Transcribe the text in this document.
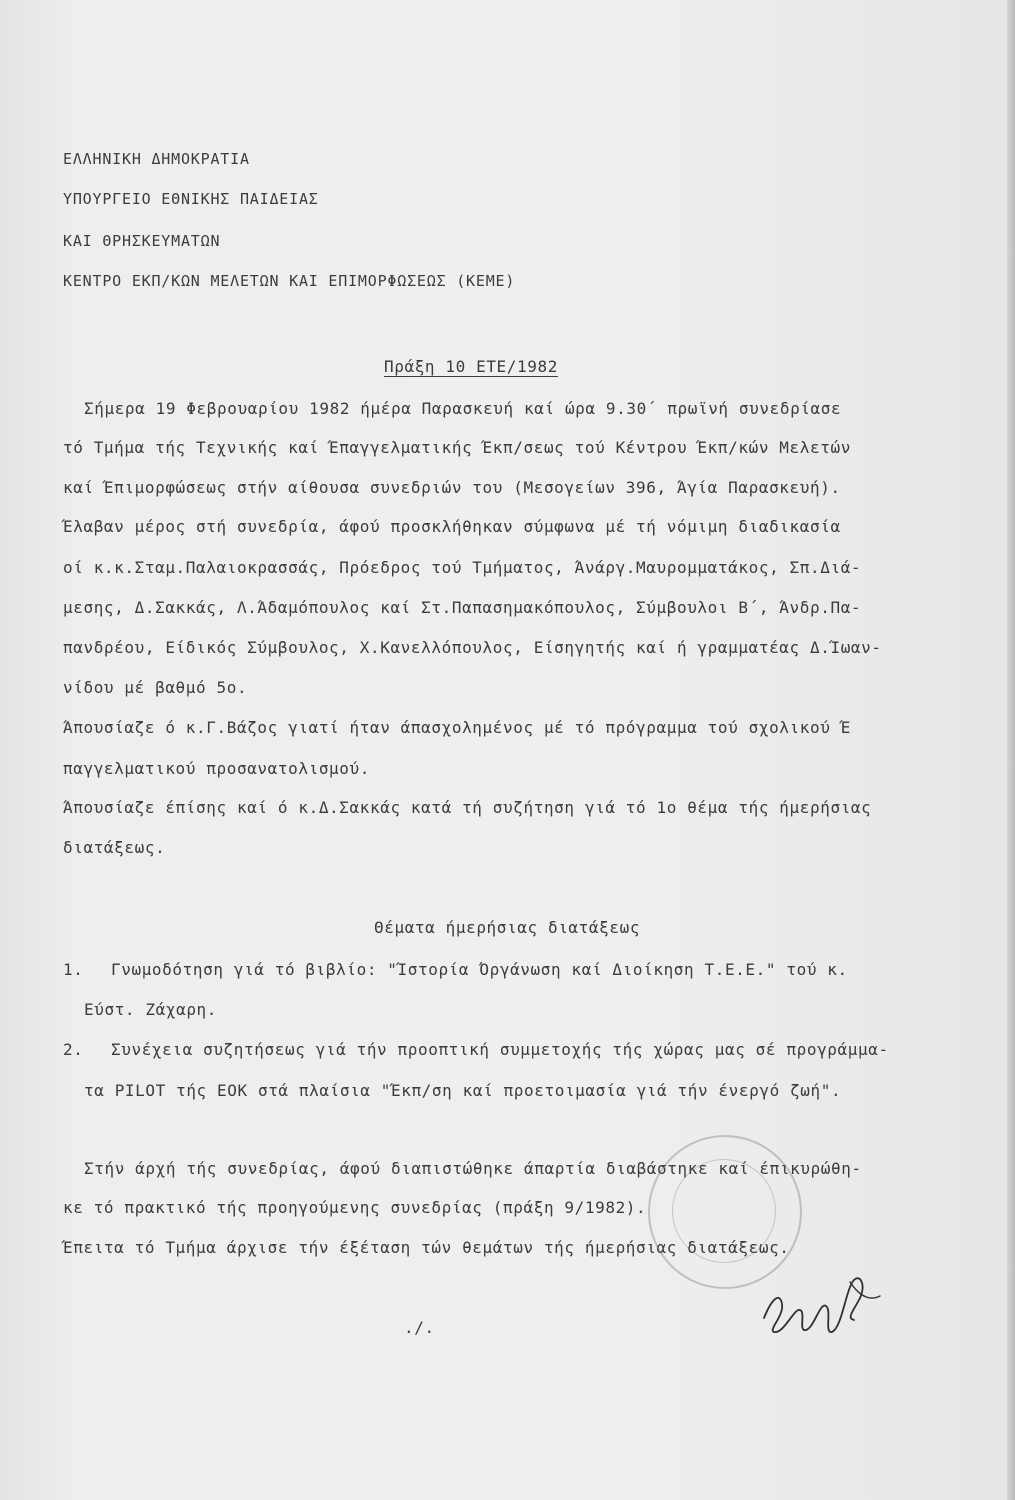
ΕΛΛΗΝΙΚΗ ΔΗΜΟΚΡΑΤΙΑ
ΥΠΟΥΡΓΕΙΟ ΕΘΝΙΚΗΣ ΠΑΙΔΕΙΑΣ
ΚΑΙ ΘΡΗΣΚΕΥΜΑΤΩΝ
ΚΕΝΤΡΟ ΕΚΠ/ΚΩΝ ΜΕΛΕΤΩΝ ΚΑΙ ΕΠΙΜΟΡΦΩΣΕΩΣ (ΚΕΜΕ)
Πράξη 10 ΕΤΕ/1982
Σήμερα 19 Φεβρουαρίου 1982 ήμέρα Παρασκευή καί ώρα 9.30΄ πρωϊνή συνεδρίασε
τό Τμήμα τής Τεχνικής καί Έπαγγελματικής Έκπ/σεως τού Κέντρου Έκπ/κών Μελετών
καί Έπιμορφώσεως στήν αίθουσα συνεδριών του (Μεσογείων 396, Άγία Παρασκευή).
Έλαβαν μέρος στή συνεδρία, άφού προσκλήθηκαν σύμφωνα μέ τή νόμιμη διαδικασία
οί κ.κ.Σταμ.Παλαιοκρασσάς, Πρόεδρος τού Τμήματος, Άνάργ.Μαυρομματάκος, Σπ.Διά-
μεσης, Δ.Σακκάς, Λ.Άδαμόπουλος καί Στ.Παπασημακόπουλος, Σύμβουλοι Β΄, Άνδρ.Πα-
πανδρέου, Είδικός Σύμβουλος, Χ.Κανελλόπουλος, Είσηγητής καί ή γραμματέας Δ.Ίωαν-
νίδου μέ βαθμό 5ο.
Άπουσίαζε ό κ.Γ.Βάζος γιατί ήταν άπασχολημένος μέ τό πρόγραμμα τού σχολικού Έ
παγγελματικού προσανατολισμού.
Άπουσίαζε έπίσης καί ό κ.Δ.Σακκάς κατά τή συζήτηση γιά τό 1ο θέμα τής ήμερήσιας
διατάξεως.
Θέματα ήμερήσιας διατάξεως
1. Γνωμοδότηση γιά τό βιβλίο: "Ίστορία Όργάνωση καί Διοίκηση Τ.Ε.Ε." τού κ.
Εύστ. Ζάχαρη.
2. Συνέχεια συζητήσεως γιά τήν προοπτική συμμετοχής τής χώρας μας σέ προγράμμα-
τα PILOT τής ΕΟΚ στά πλαίσια "Έκπ/ση καί προετοιμασία γιά τήν ένεργό ζωή".
Στήν άρχή τής συνεδρίας, άφού διαπιστώθηκε άπαρτία διαβάστηκε καί έπικυρώθη-
κε τό πρακτικό τής προηγούμενης συνεδρίας (πράξη 9/1982).
Έπειτα τό Τμήμα άρχισε τήν έξέταση τών θεμάτων τής ήμερήσιας διατάξεως.
./.
